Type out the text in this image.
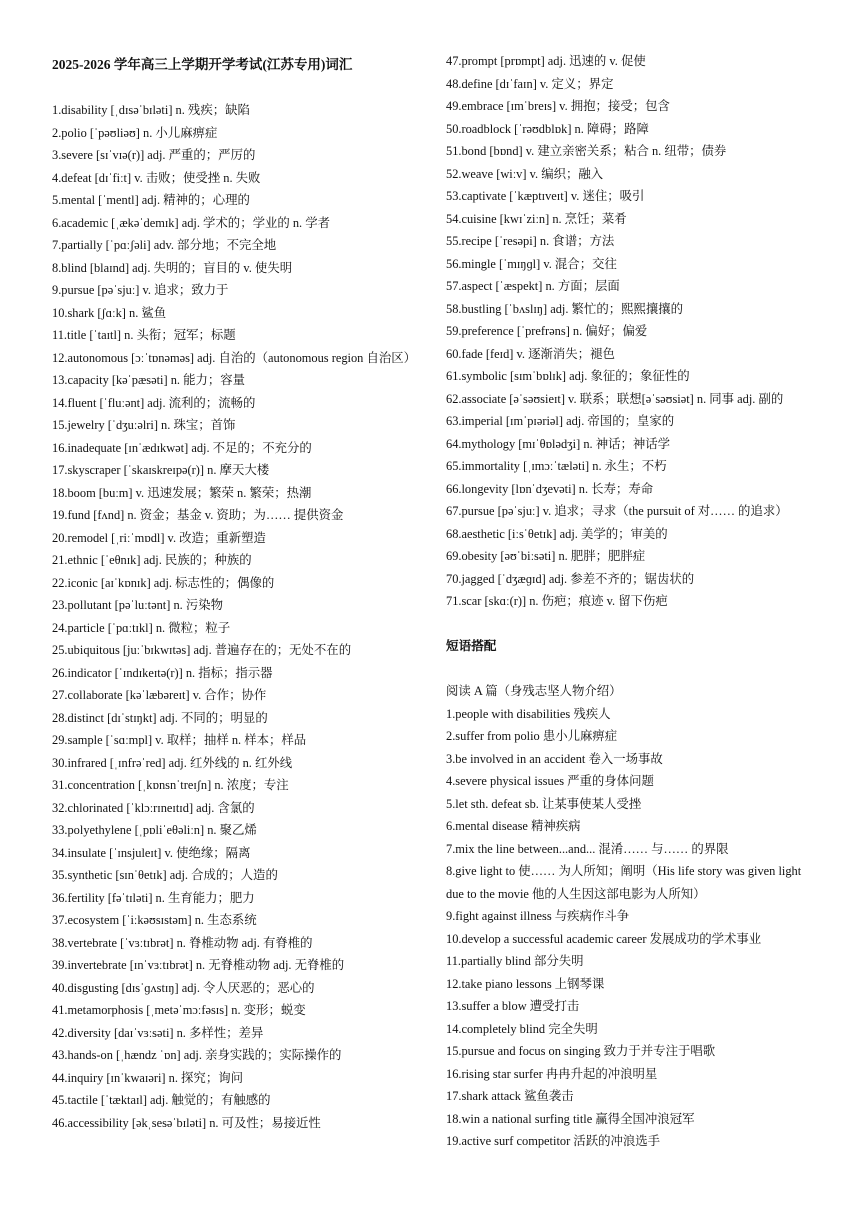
2025-2026 学年高三上学期开学考试(江苏专用)词汇
1.disability [ˌdɪsəˈbɪləti] n. 残疾；缺陷
2.polio [ˈpəʊliəʊ] n. 小儿麻痹症
3.severe [sɪˈvɪə(r)] adj. 严重的；严厉的
4.defeat [dɪˈfiːt] v. 击败；使受挫 n. 失败
5.mental [ˈmentl] adj. 精神的；心理的
6.academic [ˌækəˈdemɪk] adj. 学术的；学业的 n. 学者
7.partially [ˈpɑːʃəli] adv. 部分地；不完全地
8.blind [blaɪnd] adj. 失明的；盲目的 v. 使失明
9.pursue [pəˈsjuː] v. 追求；致力于
10.shark [ʃɑːk] n. 鲨鱼
11.title [ˈtaɪtl] n. 头衔；冠军；标题
12.autonomous [ɔːˈtɒnəməs] adj. 自治的（autonomous region 自治区）
13.capacity [kəˈpæsəti] n. 能力；容量
14.fluent [ˈfluːənt] adj. 流利的；流畅的
15.jewelry [ˈdʒuːəlri] n. 珠宝；首饰
16.inadequate [ɪnˈædɪkwət] adj. 不足的；不充分的
17.skyscraper [ˈskaɪskreɪpə(r)] n. 摩天大楼
18.boom [buːm] v. 迅速发展；繁荣 n. 繁荣；热潮
19.fund [fʌnd] n. 资金；基金 v. 资助；为…… 提供资金
20.remodel [ˌriːˈmɒdl] v. 改造；重新塑造
21.ethnic [ˈeθnɪk] adj. 民族的；种族的
22.iconic [aɪˈkɒnɪk] adj. 标志性的；偶像的
23.pollutant [pəˈluːtənt] n. 污染物
24.particle [ˈpɑːtɪkl] n. 微粒；粒子
25.ubiquitous [juːˈbɪkwɪtəs] adj. 普遍存在的；无处不在的
26.indicator [ˈɪndɪkeɪtə(r)] n. 指标；指示器
27.collaborate [kəˈlæbəreɪt] v. 合作；协作
28.distinct [dɪˈstɪŋkt] adj. 不同的；明显的
29.sample [ˈsɑːmpl] v. 取样；抽样 n. 样本；样品
30.infrared [ˌɪnfrəˈred] adj. 红外线的 n. 红外线
31.concentration [ˌkɒnsnˈtreɪʃn] n. 浓度；专注
32.chlorinated [ˈklɔːrɪneɪtɪd] adj. 含氯的
33.polyethylene [ˌpɒliˈeθəliːn] n. 聚乙烯
34.insulate [ˈɪnsjuleɪt] v. 使绝缘；隔离
35.synthetic [sɪnˈθetɪk] adj. 合成的；人造的
36.fertility [fəˈtɪləti] n. 生育能力；肥力
37.ecosystem [ˈiːkəʊsɪstəm] n. 生态系统
38.vertebrate [ˈvɜːtɪbrət] n. 脊椎动物 adj. 有脊椎的
39.invertebrate [ɪnˈvɜːtɪbrət] n. 无脊椎动物 adj. 无脊椎的
40.disgusting [dɪsˈɡʌstɪŋ] adj. 令人厌恶的；恶心的
41.metamorphosis [ˌmetəˈmɔːfəsɪs] n. 变形；蜕变
42.diversity [daɪˈvɜːsəti] n. 多样性；差异
43.hands-on [ˌhændz ˈɒn] adj. 亲身实践的；实际操作的
44.inquiry [ɪnˈkwaɪəri] n. 探究；询问
45.tactile [ˈtæktaɪl] adj. 触觉的；有触感的
46.accessibility [əkˌsesəˈbɪləti] n. 可及性；易接近性
47.prompt [prɒmpt] adj. 迅速的 v. 促使
48.define [dɪˈfaɪn] v. 定义；界定
49.embrace [ɪmˈbreɪs] v. 拥抱；接受；包含
50.roadblock [ˈrəʊdblɒk] n. 障碍；路障
51.bond [bɒnd] v. 建立亲密关系；粘合 n. 纽带；债券
52.weave [wiːv] v. 编织；融入
53.captivate [ˈkæptɪveɪt] v. 迷住；吸引
54.cuisine [kwɪˈziːn] n. 烹饪；菜肴
55.recipe [ˈresəpi] n. 食谱；方法
56.mingle [ˈmɪŋɡl] v. 混合；交往
57.aspect [ˈæspekt] n. 方面；层面
58.bustling [ˈbʌslɪŋ] adj. 繁忙的；熙熙攘攘的
59.preference [ˈprefrəns] n. 偏好；偏爱
60.fade [feɪd] v. 逐渐消失；褪色
61.symbolic [sɪmˈbɒlɪk] adj. 象征的；象征性的
62.associate [əˈsəʊsieɪt] v. 联系；联想[əˈsəʊsiət] n. 同事 adj. 副的
63.imperial [ɪmˈpɪəriəl] adj. 帝国的；皇家的
64.mythology [mɪˈθɒlədʒi] n. 神话；神话学
65.immortality [ˌɪmɔːˈtæləti] n. 永生；不朽
66.longevity [lɒnˈdʒevəti] n. 长寿；寿命
67.pursue [pəˈsjuː] v. 追求；寻求（the pursuit of 对…… 的追求）
68.aesthetic [iːsˈθetɪk] adj. 美学的；审美的
69.obesity [əʊˈbiːsəti] n. 肥胖；肥胖症
70.jagged [ˈdʒæɡɪd] adj. 参差不齐的；锯齿状的
71.scar [skɑː(r)] n. 伤疤；痕迹 v. 留下伤疤
短语搭配
阅读 A 篇（身残志坚人物介绍）
1.people with disabilities 残疾人
2.suffer from polio 患小儿麻痹症
3.be involved in an accident 卷入一场事故
4.severe physical issues 严重的身体问题
5.let sth. defeat sb. 让某事使某人受挫
6.mental disease 精神疾病
7.mix the line between...and... 混淆…… 与…… 的界限
8.give light to 使…… 为人所知；阐明（His life story was given light due to the movie 他的人生因这部电影为人所知）
9.fight against illness 与疾病作斗争
10.develop a successful academic career 发展成功的学术事业
11.partially blind 部分失明
12.take piano lessons 上钢琴课
13.suffer a blow 遭受打击
14.completely blind 完全失明
15.pursue and focus on singing 致力于并专注于唱歌
16.rising star surfer 冉冉升起的冲浪明星
17.shark attack 鲨鱼袭击
18.win a national surfing title 赢得全国冲浪冠军
19.active surf competitor 活跃的冲浪选手
